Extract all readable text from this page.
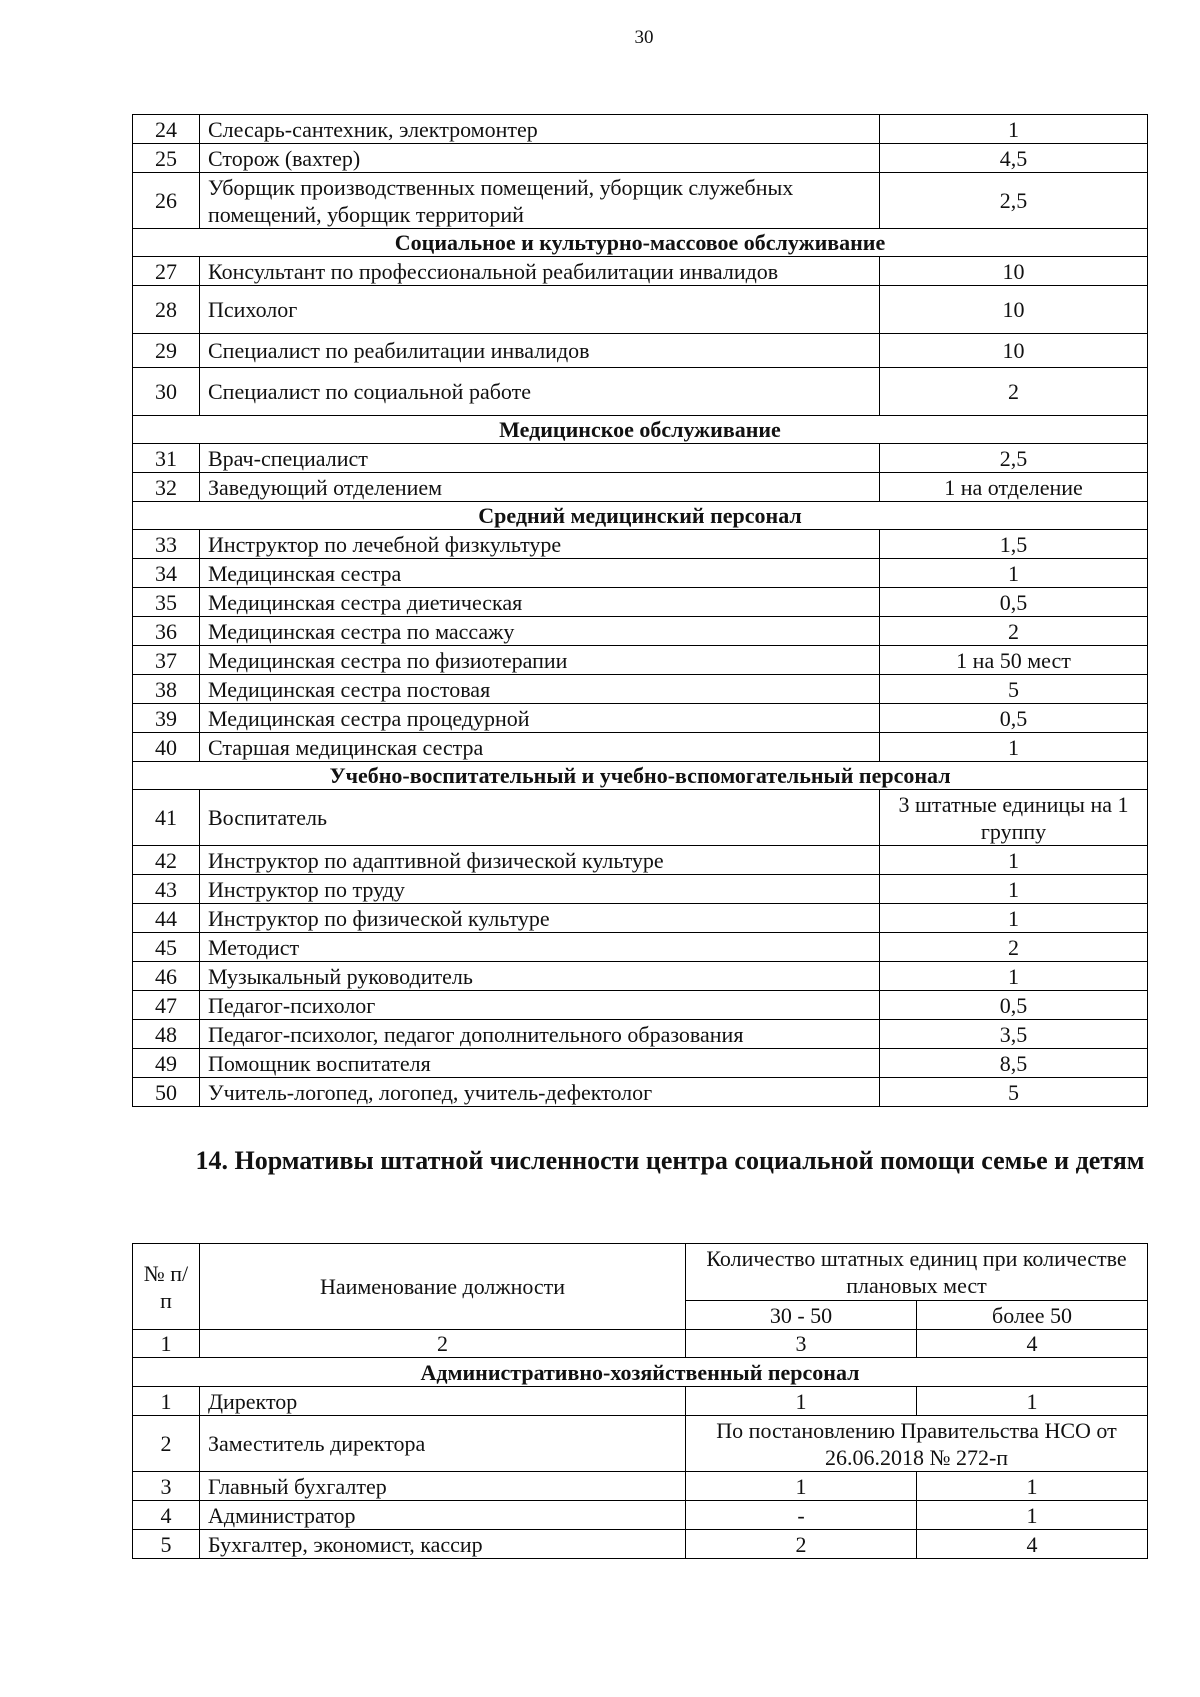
30
24	Слесарь-сантехник, электромонтер	1
25	Сторож (вахтер)	4,5
26	Уборщик производственных помещений, уборщик служебных помещений, уборщик территорий	2,5
Социальное и культурно-массовое обслуживание		
27	Консультант по профессиональной реабилитации инвалидов	10
28	Психолог	10
29	Специалист по реабилитации инвалидов	10
30	Специалист по социальной работе	2
Медицинское обслуживание		
31	Врач-специалист	2,5
32	Заведующий отделением	1 на отделение
Средний медицинский персонал		
33	Инструктор по лечебной физкультуре	1,5
34	Медицинская сестра	1
35	Медицинская сестра диетическая	0,5
36	Медицинская сестра по массажу	2
37	Медицинская сестра по физиотерапии	1 на 50 мест
38	Медицинская сестра постовая	5
39	Медицинская сестра процедурной	0,5
40	Старшая медицинская сестра	1
Учебно-воспитательный и учебно-вспомогательный персонал		
41	Воспитатель	3 штатные единицы на 1 группу
42	Инструктор по адаптивной физической культуре	1
43	Инструктор по труду	1
44	Инструктор по физической культуре	1
45	Методист	2
46	Музыкальный руководитель	1
47	Педагог-психолог	0,5
48	Педагог-психолог, педагог дополнительного образования	3,5
49	Помощник воспитателя	8,5
50	Учитель-логопед, логопед, учитель-дефектолог	5
14. Нормативы штатной численности центра социальной помощи семье и детям
№ п/п	Наименование должности	Количество штатных единиц при количестве плановых мест	
		30 - 50	более 50
1	2	3	4
Административно-хозяйственный персонал			
1	Директор	1	1
2	Заместитель директора	По постановлению Правительства НСО от 26.06.2018 № 272-п	
3	Главный бухгалтер	1	1
4	Администратор	-	1
5	Бухгалтер, экономист, кассир	2	4
